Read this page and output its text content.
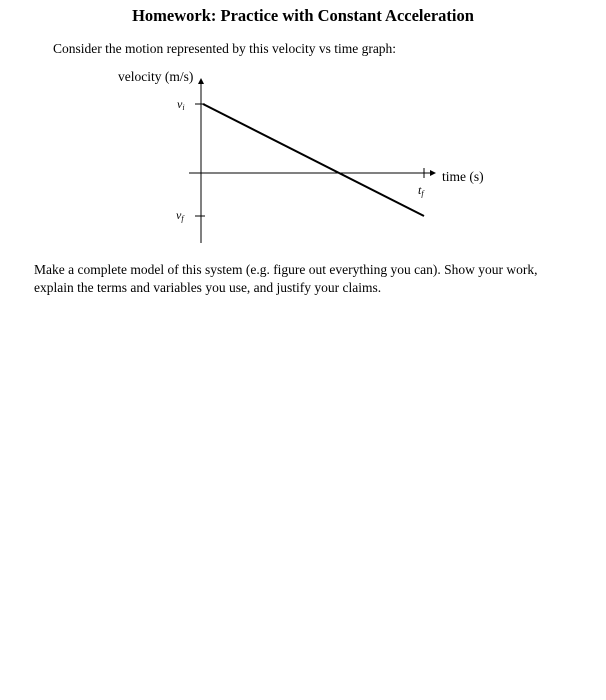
Homework: Practice with Constant Acceleration

Consider the motion represented by this velocity vs time graph:

velocity (m/s)
time (s)
vi
vf
tf

Make a complete model of this system (e.g. figure out everything you can). Show your work, explain the terms and variables you use, and justify your claims.
